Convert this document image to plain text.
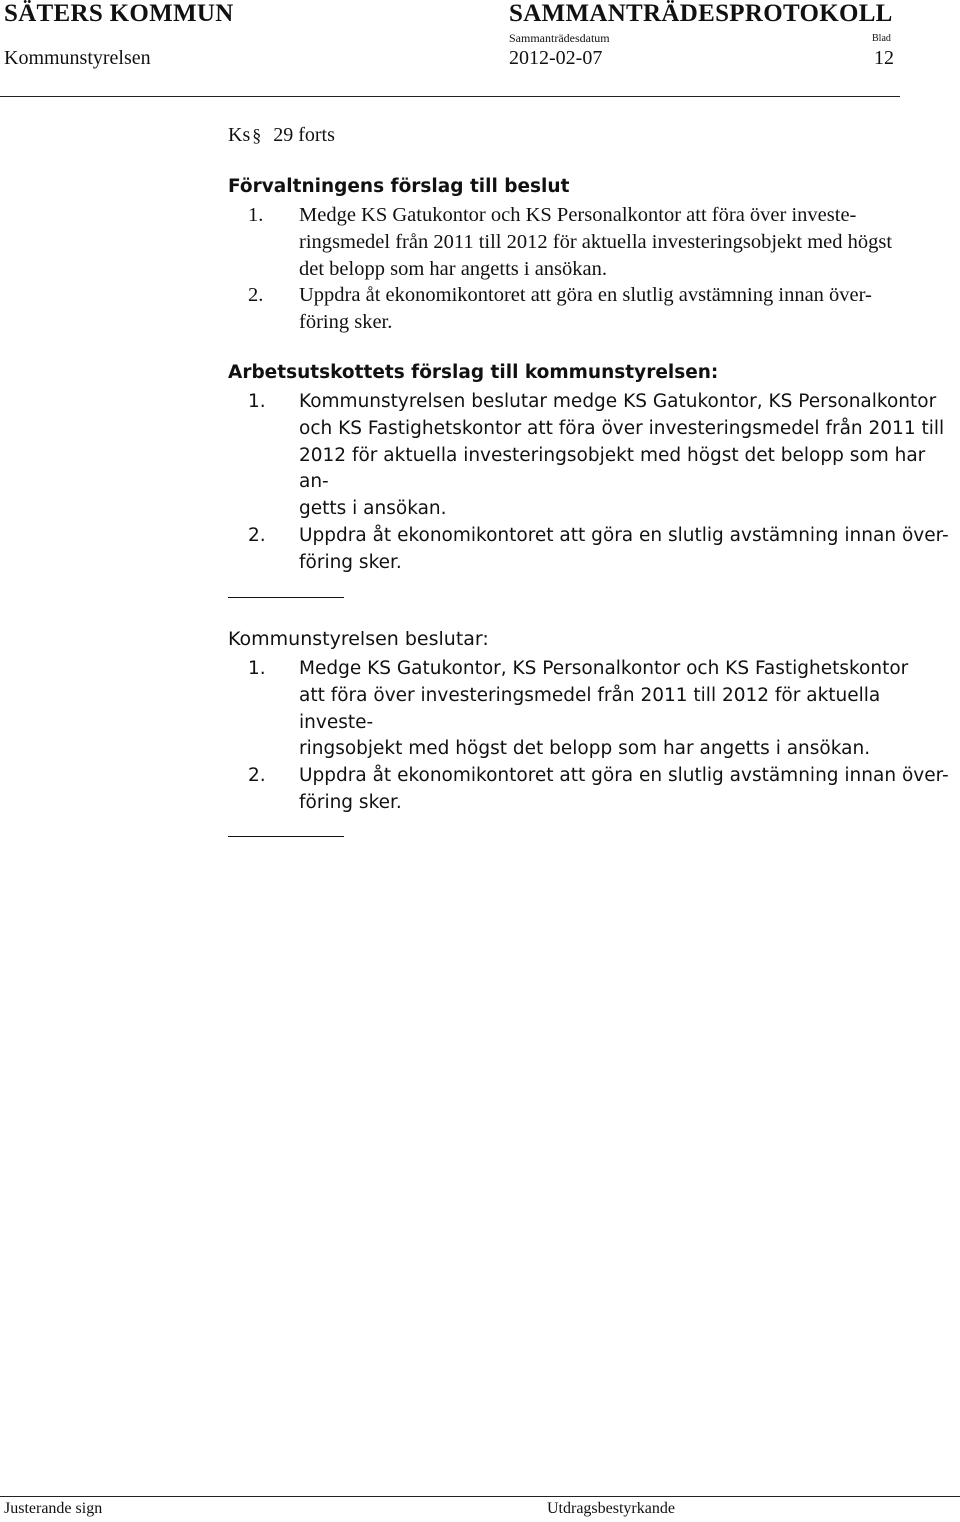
SÄTERS KOMMUN	SAMMANTRÄDESPROTOKOLL
Kommunstyrelsen
Sammanträdesdatum
2012-02-07
Blad
12
Ks § 29 forts
Förvaltningens förslag till beslut
1. Medge KS Gatukontor och KS Personalkontor att föra över investe-
ringsmedel från 2011 till 2012 för aktuella investeringsobjekt med högst
det belopp som har angetts i ansökan.
2. Uppdra åt ekonomikontoret att göra en slutlig avstämning innan över-
föring sker.
Arbetsutskottets förslag till kommunstyrelsen:
1. Kommunstyrelsen beslutar medge KS Gatukontor, KS Personalkontor
och KS Fastighetskontor att föra över investeringsmedel från 2011 till
2012 för aktuella investeringsobjekt med högst det belopp som har an-
getts i ansökan.
2. Uppdra åt ekonomikontoret att göra en slutlig avstämning innan över-
föring sker.
Kommunstyrelsen beslutar:
1. Medge KS Gatukontor, KS Personalkontor och KS Fastighetskontor
att föra över investeringsmedel från 2011 till 2012 för aktuella investe-
ringsobjekt med högst det belopp som har angetts i ansökan.
2. Uppdra åt ekonomikontoret att göra en slutlig avstämning innan över-
föring sker.
Justerande sign	Utdragsbestyrkande
